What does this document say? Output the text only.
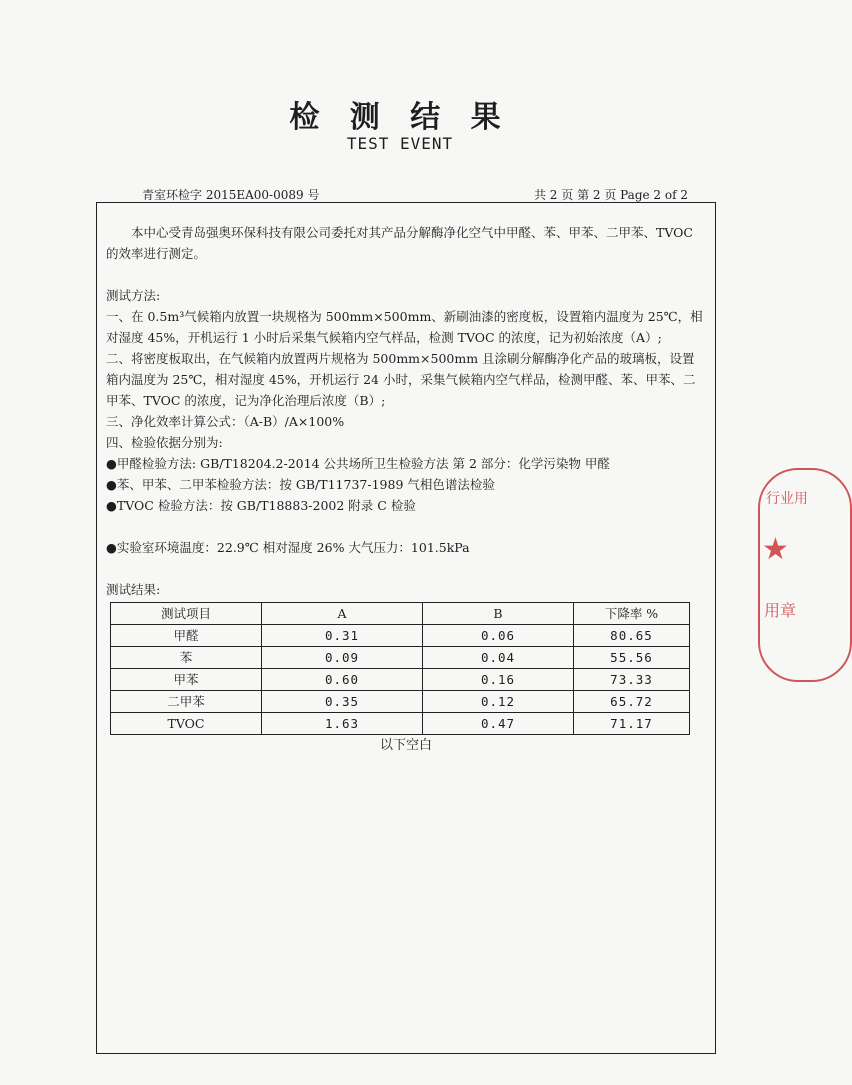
检 测 结 果
TEST EVENT
青室环检字 2015EA00-0089 号	共 2 页 第 2 页 Page 2 of 2

本中心受青岛强奥环保科技有限公司委托对其产品分解酶净化空气中甲醛、苯、甲苯、二甲苯、TVOC 的效率进行测定。

测试方法:

一、在 0.5m³气候箱内放置一块规格为 500mm×500mm、新刷油漆的密度板，设置箱内温度为 25℃，相对湿度 45%，开机运行 1 小时后采集气候箱内空气样品，检测 TVOC 的浓度，记为初始浓度（A）;

二、将密度板取出，在气候箱内放置两片规格为 500mm×500mm 且涂刷分解酶净化产品的玻璃板，设置箱内温度为 25℃，相对湿度 45%，开机运行 24 小时，采集气候箱内空气样品，检测甲醛、苯、甲苯、二甲苯、TVOC 的浓度，记为净化治理后浓度（B）;

三、净化效率计算公式：（A-B）/A×100%

四、检验依据分别为:

●甲醛检验方法: GB/T18204.2-2014 公共场所卫生检验方法 第 2 部分：化学污染物 甲醛

●苯、甲苯、二甲苯检验方法：按 GB/T11737-1989 气相色谱法检验

●TVOC 检验方法：按 GB/T18883-2002 附录 C 检验

●实验室环境温度：22.9℃ 相对湿度 26% 大气压力：101.5kPa

测试结果:

测试项目	A	B	下降率 %
甲醛	0.31	0.06	80.65
苯	0.09	0.04	55.56
甲苯	0.60	0.16	73.33
二甲苯	0.35	0.12	65.72
TVOC	1.63	0.47	71.17

以下空白

行业用
★
用章
